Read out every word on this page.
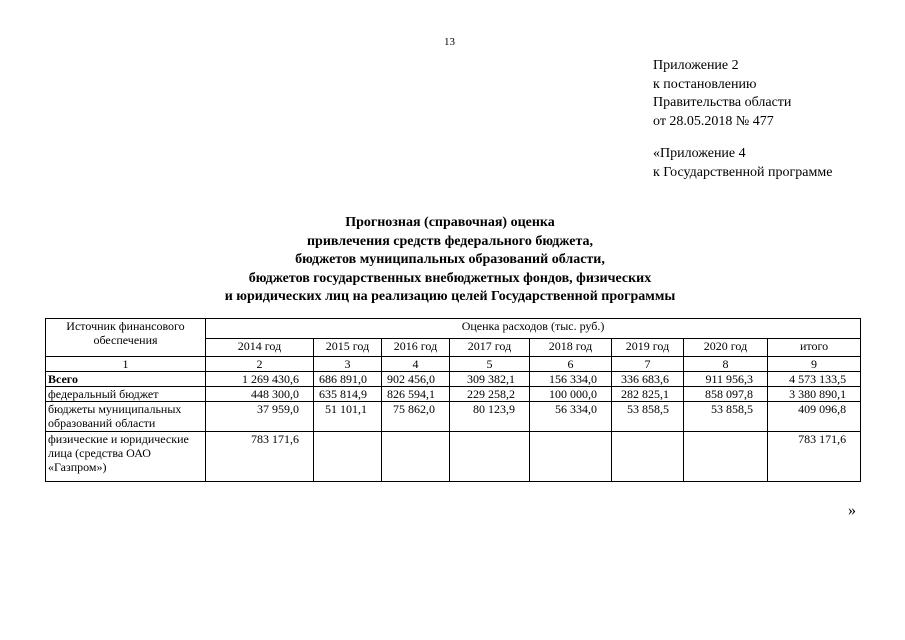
13
Приложение 2
к постановлению
Правительства области
от 28.05.2018 № 477
«Приложение 4
к Государственной программе
Прогнозная (справочная) оценка
привлечения средств федерального бюджета,
бюджетов муниципальных образований области,
бюджетов государственных внебюджетных фондов, физических
и юридических лиц на реализацию целей Государственной программы
Источник финансового обеспечения	Оценка расходов (тыс. руб.)							
	2014 год	2015 год	2016 год	2017 год	2018 год	2019 год	2020 год	итого
1	2	3	4	5	6	7	8	9
Всего	1 269 430,6	686 891,0	902 456,0	309 382,1	156 334,0	336 683,6	911 956,3	4 573 133,5
федеральный бюджет	448 300,0	635 814,9	826 594,1	229 258,2	100 000,0	282 825,1	858 097,8	3 380 890,1
бюджеты муниципальных образований области	37 959,0	51 101,1	75 862,0	80 123,9	56 334,0	53 858,5	53 858,5	409 096,8
физические и юридические лица (средства ОАО «Газпром»)	783 171,6							783 171,6
»
